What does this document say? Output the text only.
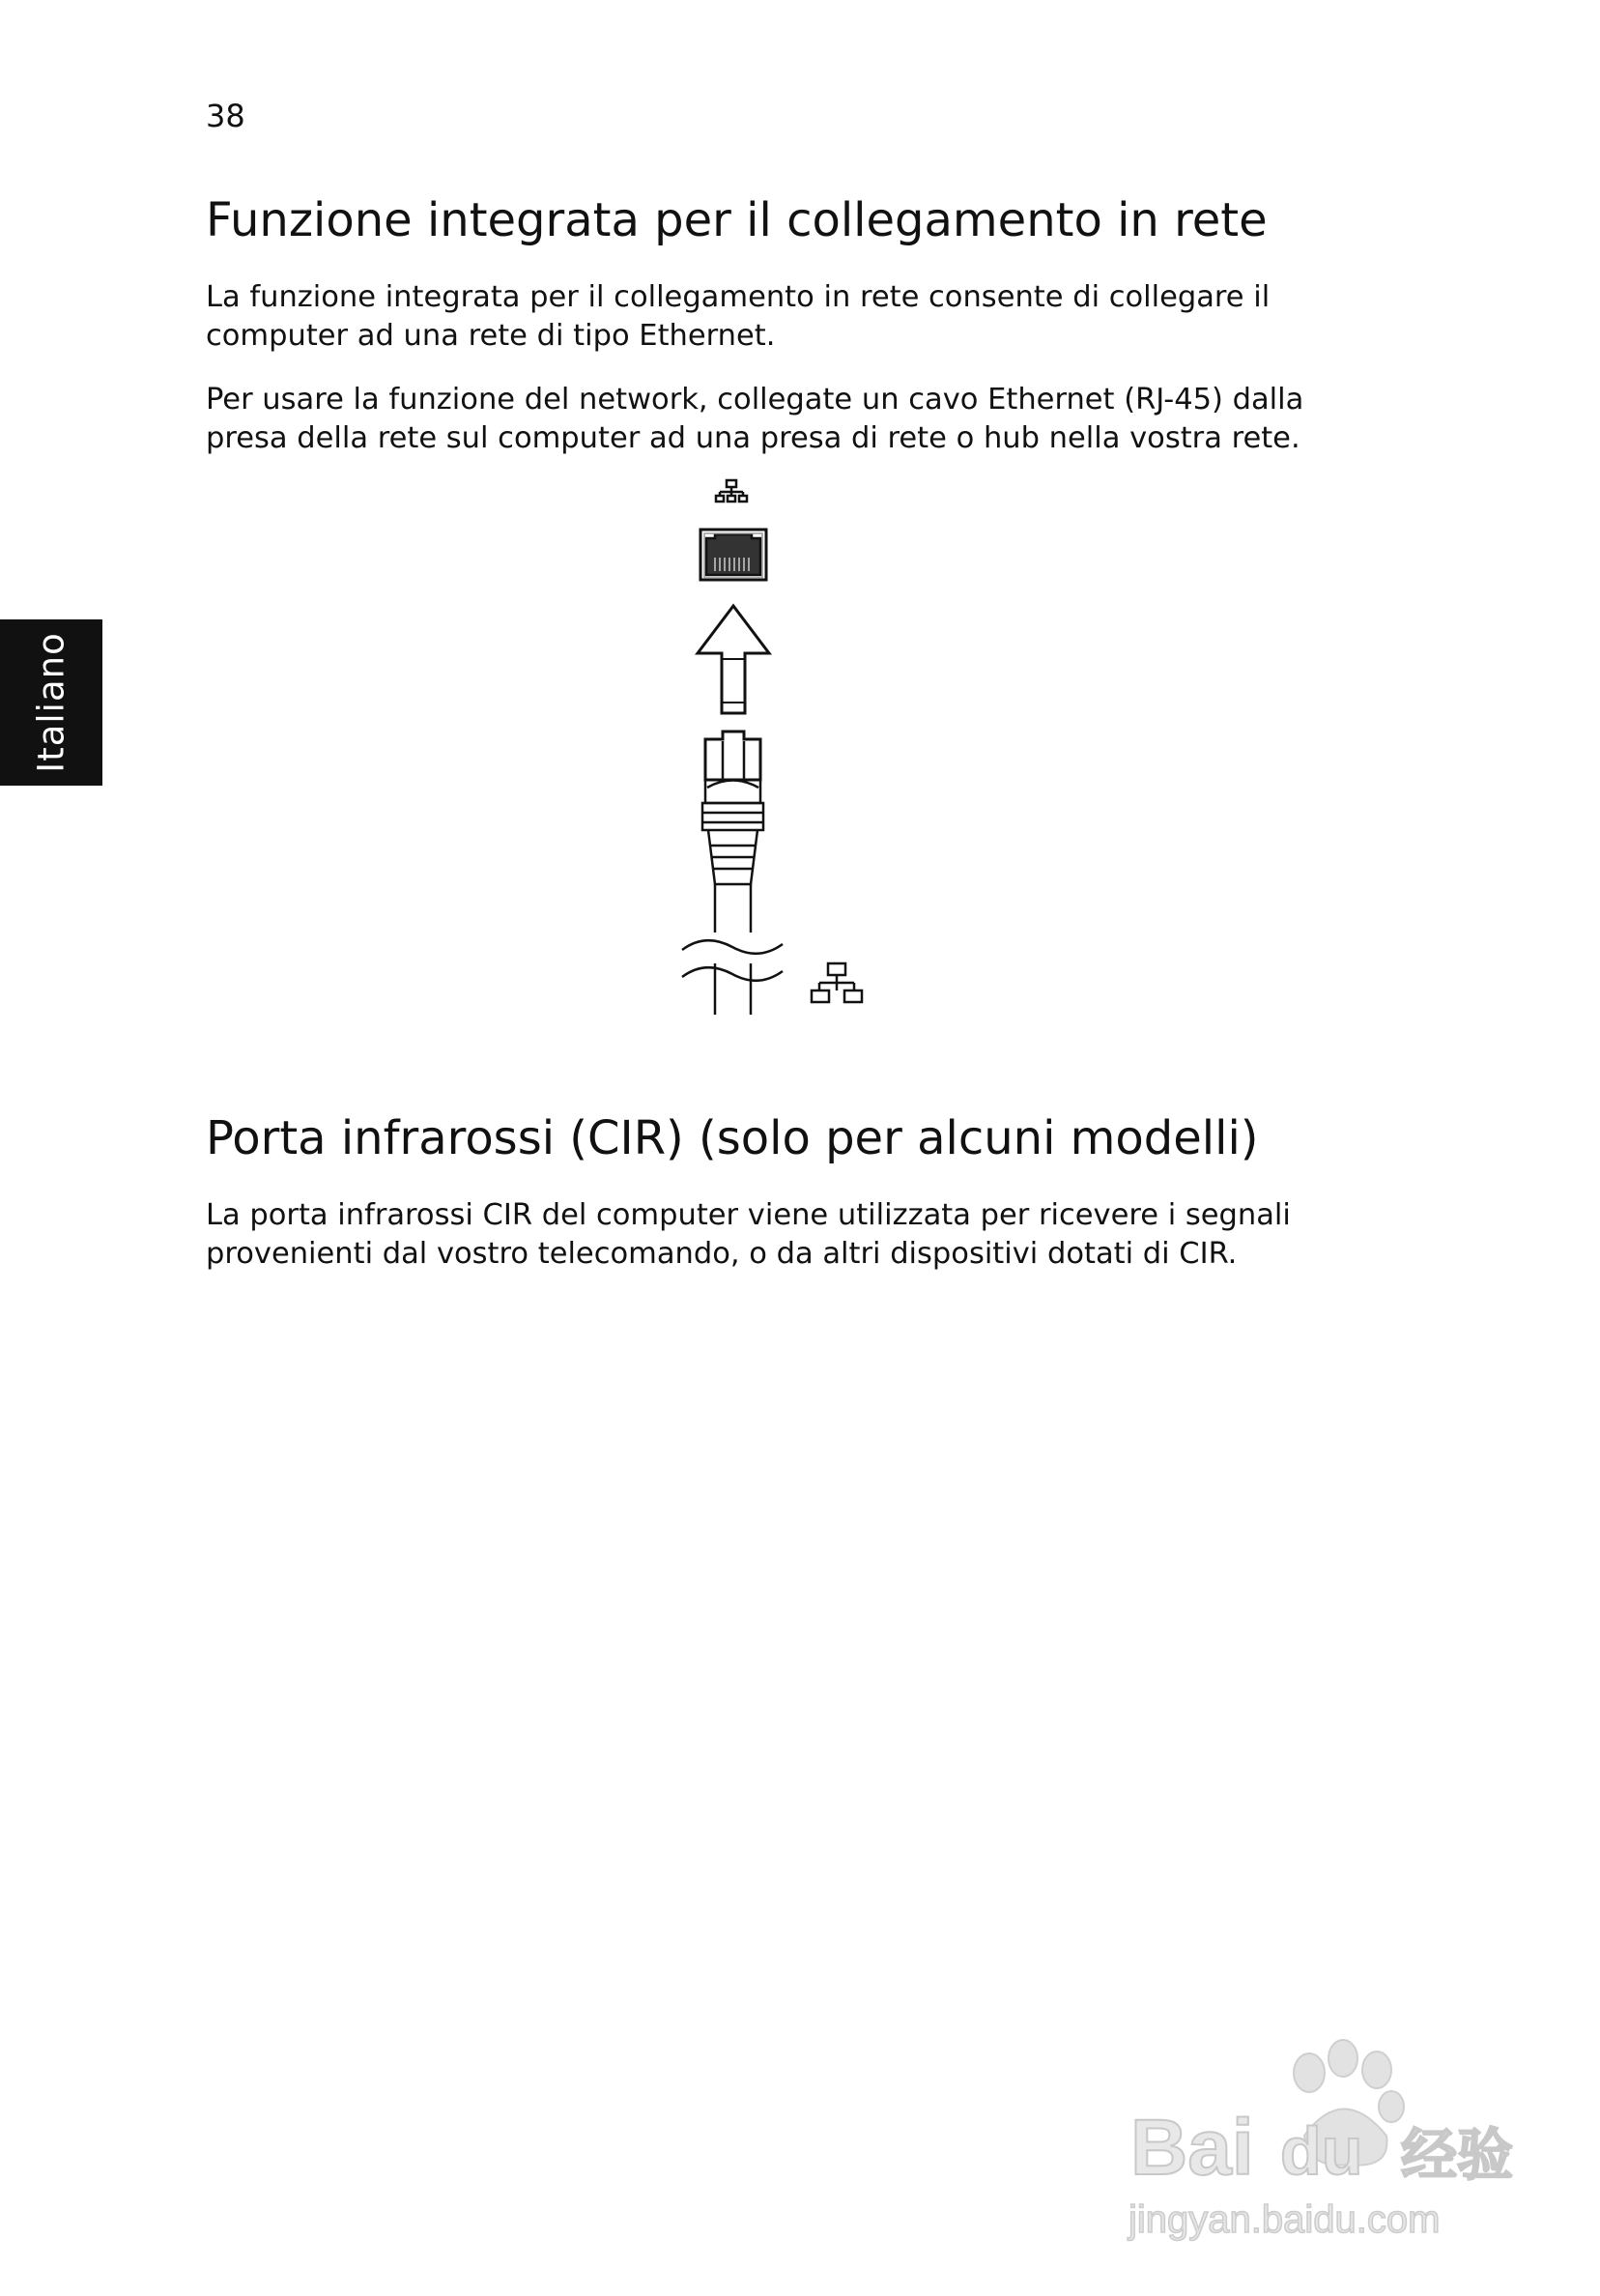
38
Italiano
Funzione integrata per il collegamento in rete

La funzione integrata per il collegamento in rete consente di collegare il
computer ad una rete di tipo Ethernet.

Per usare la funzione del network, collegate un cavo Ethernet (RJ-45) dalla
presa della rete sul computer ad una presa di rete o hub nella vostra rete.

Porta infrarossi (CIR) (solo per alcuni modelli)

La porta infrarossi CIR del computer viene utilizzata per ricevere i segnali
provenienti dal vostro telecomando, o da altri dispositivi dotati di CIR.

Bai du 经验
jingyan.baidu.com
